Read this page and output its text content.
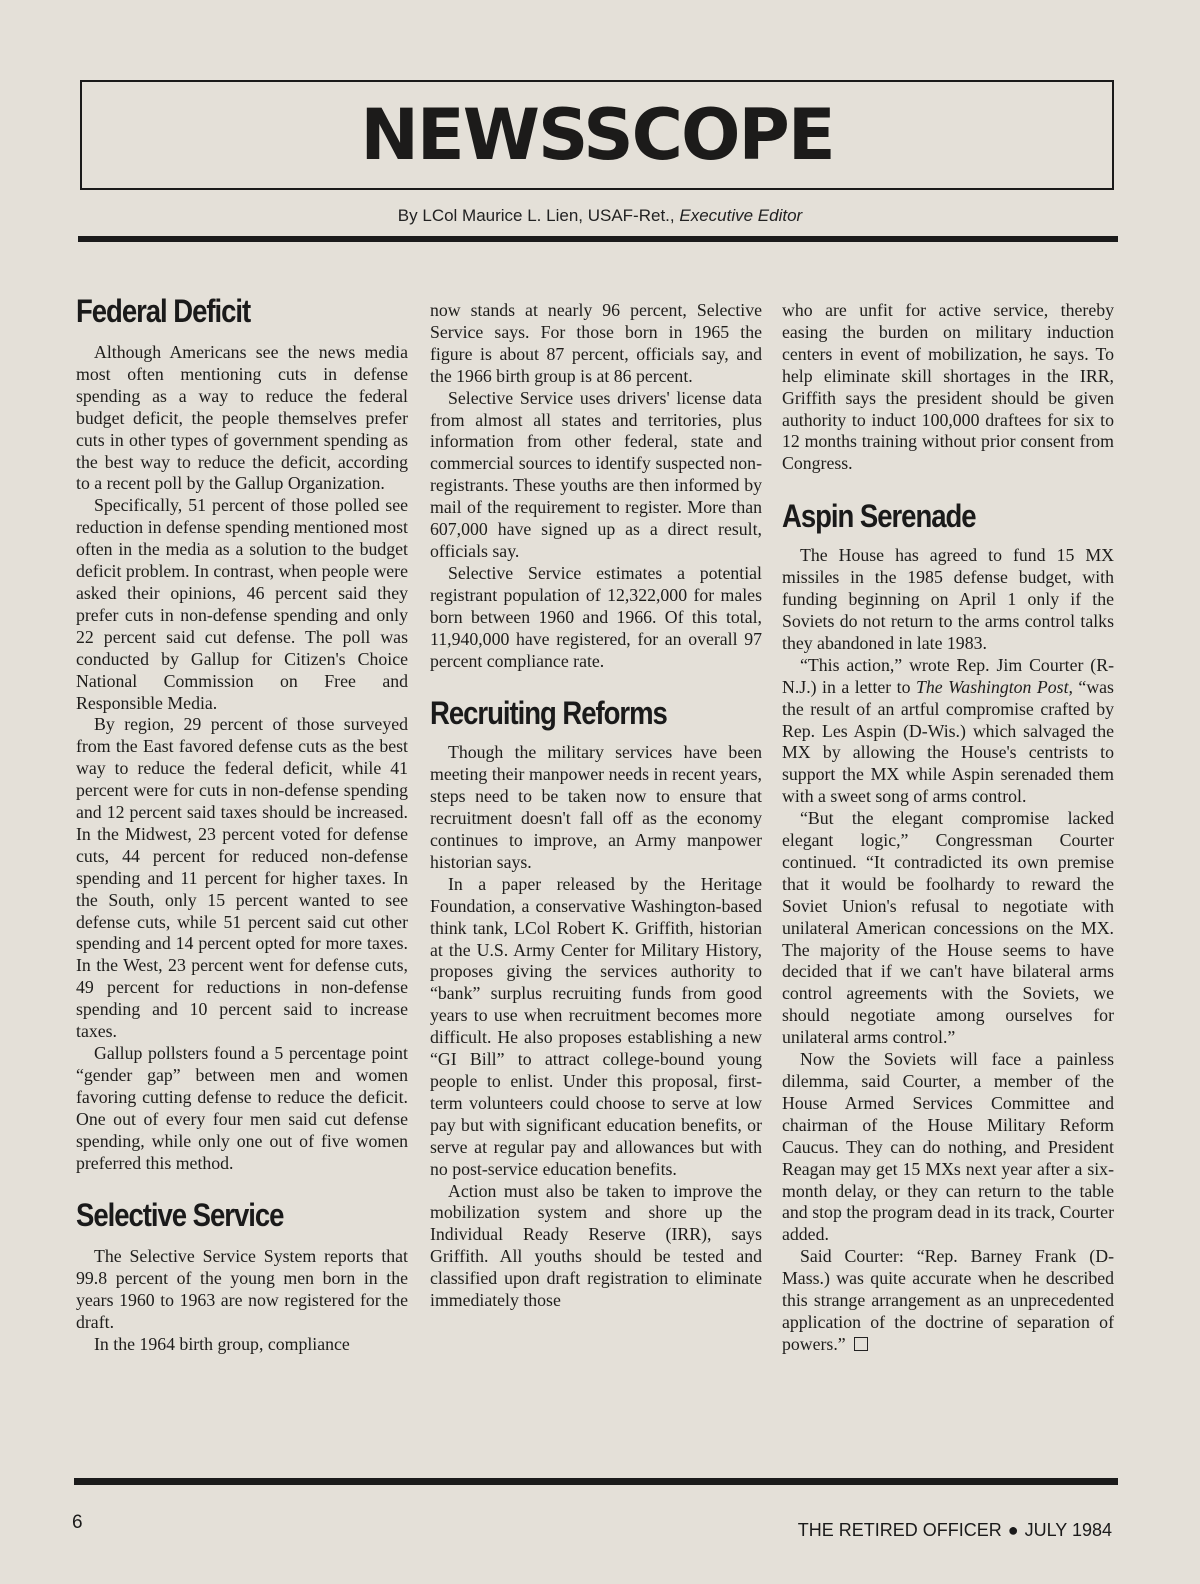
NEWSSCOPE
By LCol Maurice L. Lien, USAF-Ret., Executive Editor
Federal Deficit

Although Americans see the news media most often mentioning cuts in defense spending as a way to reduce the federal budget deficit, the people themselves prefer cuts in other types of government spending as the best way to reduce the deficit, according to a recent poll by the Gallup Organization.

Specifically, 51 percent of those polled see reduction in defense spending mentioned most often in the media as a solution to the budget deficit problem. In contrast, when people were asked their opinions, 46 percent said they prefer cuts in non-defense spending and only 22 percent said cut defense. The poll was conducted by Gallup for Citizen's Choice National Commission on Free and Responsible Media.

By region, 29 percent of those surveyed from the East favored defense cuts as the best way to reduce the federal deficit, while 41 percent were for cuts in non-defense spending and 12 percent said taxes should be increased. In the Midwest, 23 percent voted for defense cuts, 44 percent for reduced non-defense spending and 11 percent for higher taxes. In the South, only 15 percent wanted to see defense cuts, while 51 percent said cut other spending and 14 percent opted for more taxes. In the West, 23 percent went for defense cuts, 49 percent for reductions in non-defense spending and 10 percent said to increase taxes.

Gallup pollsters found a 5 percentage point “gender gap” between men and women favoring cutting defense to reduce the deficit. One out of every four men said cut defense spending, while only one out of five women preferred this method.

Selective Service

The Selective Service System reports that 99.8 percent of the young men born in the years 1960 to 1963 are now registered for the draft.

In the 1964 birth group, compliance

now stands at nearly 96 percent, Selective Service says. For those born in 1965 the figure is about 87 percent, officials say, and the 1966 birth group is at 86 percent.

Selective Service uses drivers' license data from almost all states and territories, plus information from other federal, state and commercial sources to identify suspected non-registrants. These youths are then informed by mail of the requirement to register. More than 607,000 have signed up as a direct result, officials say.

Selective Service estimates a potential registrant population of 12,322,000 for males born between 1960 and 1966. Of this total, 11,940,000 have registered, for an overall 97 percent compliance rate.

Recruiting Reforms

Though the military services have been meeting their manpower needs in recent years, steps need to be taken now to ensure that recruitment doesn't fall off as the economy continues to improve, an Army manpower historian says.

In a paper released by the Heritage Foundation, a conservative Washington-based think tank, LCol Robert K. Griffith, historian at the U.S. Army Center for Military History, proposes giving the services authority to “bank” surplus recruiting funds from good years to use when recruitment becomes more difficult. He also proposes establishing a new “GI Bill” to attract college-bound young people to enlist. Under this proposal, first-term volunteers could choose to serve at low pay but with significant education benefits, or serve at regular pay and allowances but with no post-service education benefits.

Action must also be taken to improve the mobilization system and shore up the Individual Ready Reserve (IRR), says Griffith. All youths should be tested and classified upon draft registration to eliminate immediately those

who are unfit for active service, thereby easing the burden on military induction centers in event of mobilization, he says. To help eliminate skill shortages in the IRR, Griffith says the president should be given authority to induct 100,000 draftees for six to 12 months training without prior consent from Congress.

Aspin Serenade

The House has agreed to fund 15 MX missiles in the 1985 defense budget, with funding beginning on April 1 only if the Soviets do not return to the arms control talks they abandoned in late 1983.

“This action,” wrote Rep. Jim Courter (R-N.J.) in a letter to The Washington Post, “was the result of an artful compromise crafted by Rep. Les Aspin (D-Wis.) which salvaged the MX by allowing the House's centrists to support the MX while Aspin serenaded them with a sweet song of arms control.

“But the elegant compromise lacked elegant logic,” Congressman Courter continued. “It contradicted its own premise that it would be foolhardy to reward the Soviet Union's refusal to negotiate with unilateral American concessions on the MX. The majority of the House seems to have decided that if we can't have bilateral arms control agreements with the Soviets, we should negotiate among ourselves for unilateral arms control.”

Now the Soviets will face a painless dilemma, said Courter, a member of the House Armed Services Committee and chairman of the House Military Reform Caucus. They can do nothing, and President Reagan may get 15 MXs next year after a six-month delay, or they can return to the table and stop the program dead in its track, Courter added.

Said Courter: “Rep. Barney Frank (D-Mass.) was quite accurate when he described this strange arrangement as an unprecedented application of the doctrine of separation of powers.”

6	THE RETIRED OFFICER ● JULY 1984
